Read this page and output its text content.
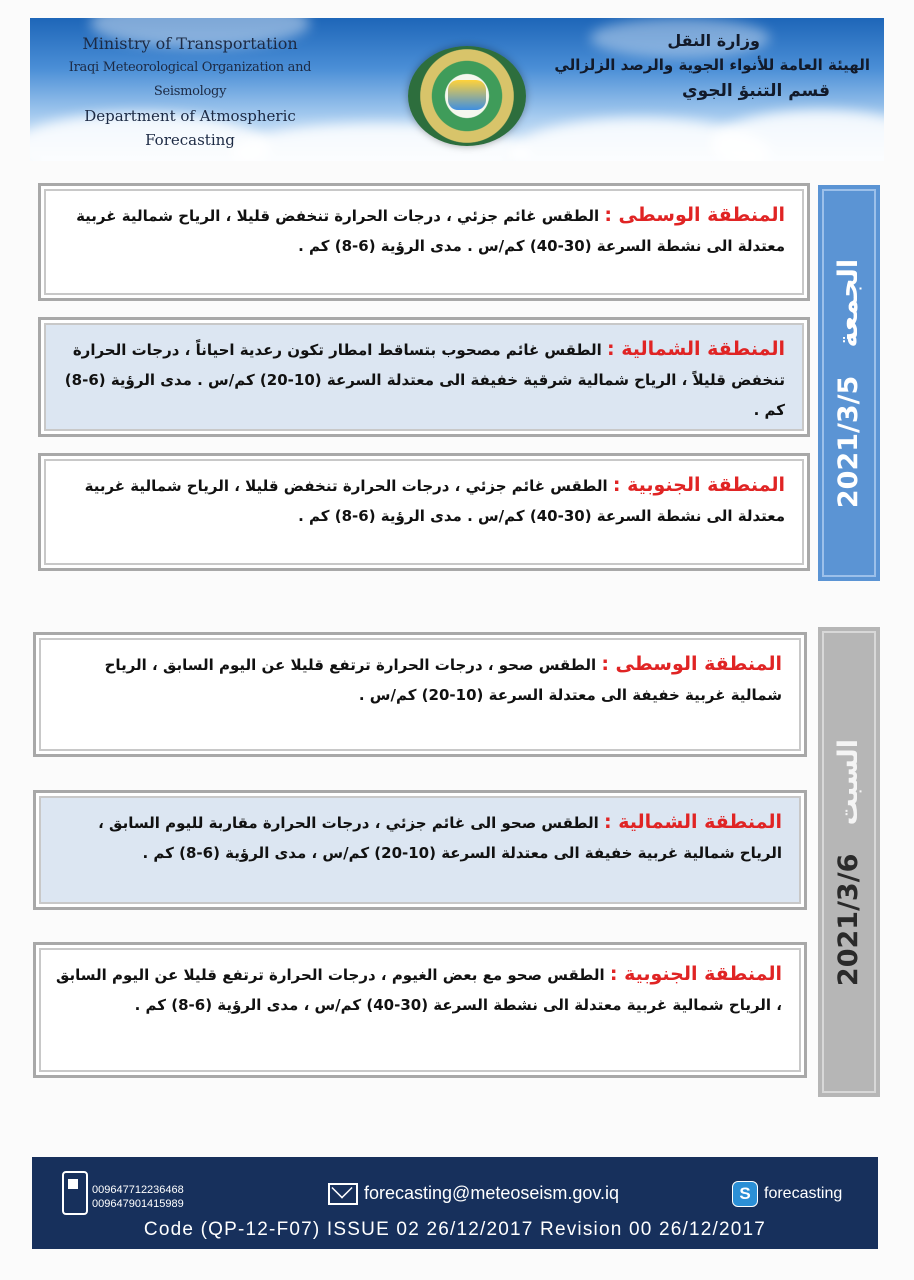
Ministry of Transportation
Iraqi Meteorological Organization and Seismology
Department of Atmospheric Forecasting
وزارة النقل
الهيئة العامة للأنواء الجوية والرصد الزلزالي
قسم التنبؤ الجوي
الجمعة   2021/3/5
المنطقة الوسطى : الطقس غائم جزئي ، درجات الحرارة تنخفض قليلا ، الرياح شمالية غربية معتدلة الى نشطة السرعة (30-40) كم/س . مدى الرؤية (6-8) كم .
المنطقة الشمالية : الطقس غائم مصحوب بتساقط امطار تكون رعدية احياناً ، درجات الحرارة تنخفض قليلاً ، الرياح شمالية شرقية خفيفة الى معتدلة السرعة (10-20) كم/س . مدى الرؤية (6-8) كم .
المنطقة الجنوبية : الطقس غائم جزئي ، درجات الحرارة تنخفض قليلا ، الرياح شمالية غربية معتدلة الى نشطة السرعة (30-40) كم/س . مدى الرؤية (6-8) كم .
السبت   2021/3/6
المنطقة الوسطى : الطقس صحو ، درجات الحرارة ترتفع قليلا عن اليوم السابق ، الرياح شمالية غربية خفيفة الى معتدلة السرعة (10-20) كم/س .
المنطقة الشمالية : الطقس صحو الى غائم جزئي ، درجات الحرارة مقاربة لليوم السابق ، الرياح شمالية غربية خفيفة الى معتدلة السرعة (10-20) كم/س ، مدى الرؤية (6-8) كم .
المنطقة الجنوبية : الطقس صحو مع بعض الغيوم ، درجات الحرارة ترتفع قليلا عن اليوم السابق ، الرياح شمالية غربية معتدلة الى نشطة السرعة (30-40) كم/س ، مدى الرؤية (6-8) كم .
009647712236468
009647901415989
forecasting@meteoseism.gov.iq	S forecasting
Code (QP-12-F07) ISSUE 02 26/12/2017 Revision 00 26/12/2017
